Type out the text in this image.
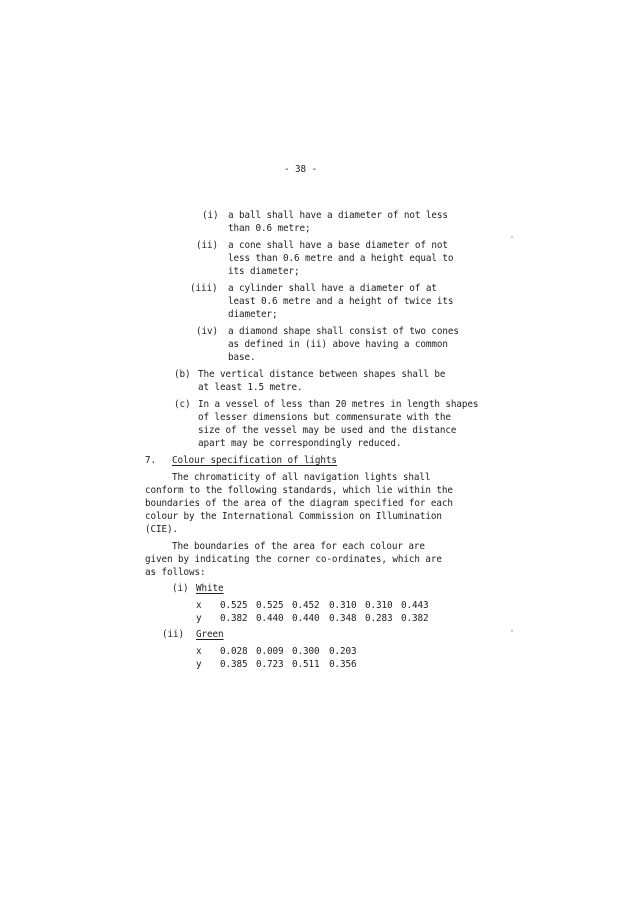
- 38 -
(i) a ball shall have a diameter of not less
than 0.6 metre;
(ii) a cone shall have a base diameter of not
less than 0.6 metre and a height equal to
its diameter;
(iii) a cylinder shall have a diameter of at
least 0.6 metre and a height of twice its
diameter;
(iv) a diamond shape shall consist of two cones
as defined in (ii) above having a common
base.
(b) The vertical distance between shapes shall be
at least 1.5 metre.
(c) In a vessel of less than 20 metres in length shapes
of lesser dimensions but commensurate with the
size of the vessel may be used and the distance
apart may be correspondingly reduced.
7. Colour specification of lights
The chromaticity of all navigation lights shall
conform to the following standards, which lie within the
boundaries of the area of the diagram specified for each
colour by the International Commission on Illumination
(CIE).
The boundaries of the area for each colour are
given by indicating the corner co-ordinates, which are
as follows:
(i) White

x

0.525

0.525

0.452

0.310

0.310

0.443

y

0.382

0.440

0.440

0.348

0.283

0.382

(ii) Green

x

0.028

0.009

0.300

0.203

y

0.385

0.723

0.511

0.356
